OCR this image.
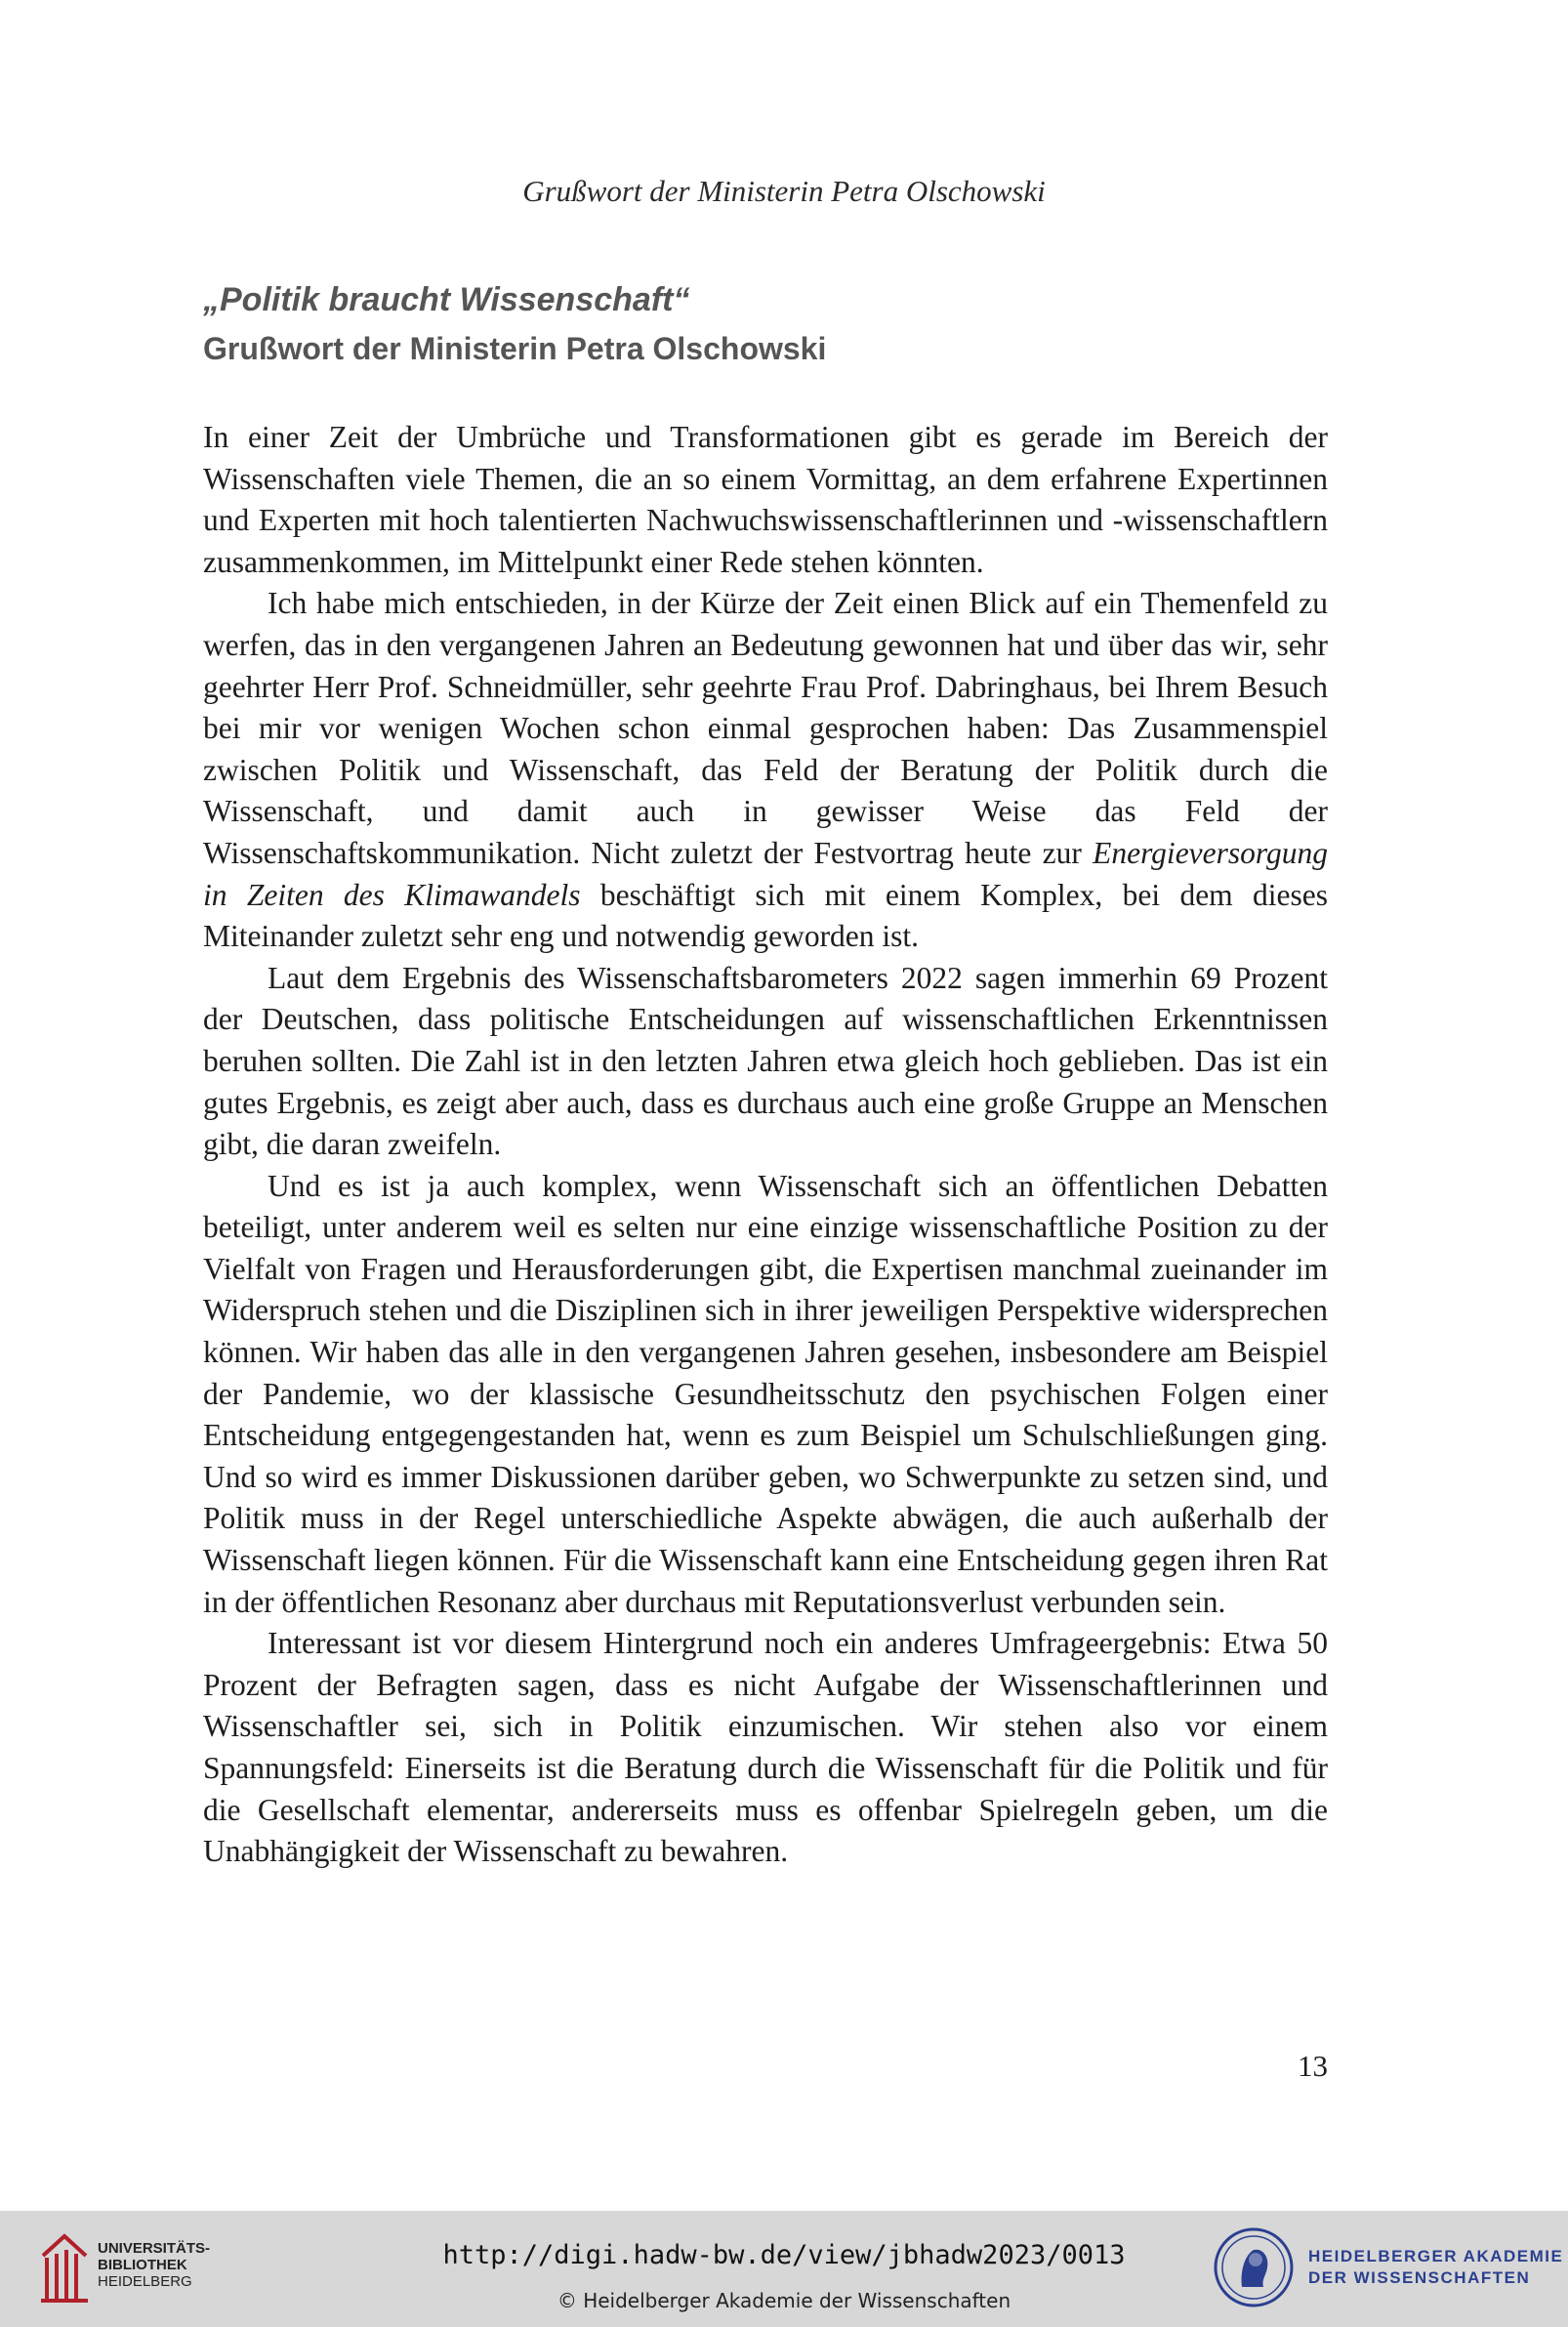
Grußwort der Ministerin Petra Olschowski

„Politik braucht Wissenschaft“

Grußwort der Ministerin Petra Olschowski

In einer Zeit der Umbrüche und Transformationen gibt es gerade im Bereich der Wissenschaften viele Themen, die an so einem Vormittag, an dem erfahrene Expertinnen und Experten mit hoch talentierten Nachwuchswissenschaftlerinnen und -wissenschaftlern zusammenkommen, im Mittelpunkt einer Rede stehen könnten.

Ich habe mich entschieden, in der Kürze der Zeit einen Blick auf ein Themenfeld zu werfen, das in den vergangenen Jahren an Bedeutung gewonnen hat und über das wir, sehr geehrter Herr Prof. Schneidmüller, sehr geehrte Frau Prof. Dabringhaus, bei Ihrem Besuch bei mir vor wenigen Wochen schon einmal gesprochen haben: Das Zusammenspiel zwischen Politik und Wissenschaft, das Feld der Beratung der Politik durch die Wissenschaft, und damit auch in gewisser Weise das Feld der Wissenschaftskommunikation. Nicht zuletzt der Festvortrag heute zur Energieversorgung in Zeiten des Klimawandels beschäftigt sich mit einem Komplex, bei dem dieses Miteinander zuletzt sehr eng und notwendig geworden ist.

Laut dem Ergebnis des Wissenschaftsbarometers 2022 sagen immerhin 69 Prozent der Deutschen, dass politische Entscheidungen auf wissenschaftlichen Erkenntnissen beruhen sollten. Die Zahl ist in den letzten Jahren etwa gleich hoch geblieben. Das ist ein gutes Ergebnis, es zeigt aber auch, dass es durchaus auch eine große Gruppe an Menschen gibt, die daran zweifeln.

Und es ist ja auch komplex, wenn Wissenschaft sich an öffentlichen Debatten beteiligt, unter anderem weil es selten nur eine einzige wissenschaftliche Position zu der Vielfalt von Fragen und Herausforderungen gibt, die Expertisen manchmal zueinander im Widerspruch stehen und die Disziplinen sich in ihrer jeweiligen Perspektive widersprechen können. Wir haben das alle in den vergangenen Jahren gesehen, insbesondere am Beispiel der Pandemie, wo der klassische Gesundheitsschutz den psychischen Folgen einer Entscheidung entgegengestanden hat, wenn es zum Beispiel um Schulschließungen ging. Und so wird es immer Diskussionen darüber geben, wo Schwerpunkte zu setzen sind, und Politik muss in der Regel unterschiedliche Aspekte abwägen, die auch außerhalb der Wissenschaft liegen können. Für die Wissenschaft kann eine Entscheidung gegen ihren Rat in der öffentlichen Resonanz aber durchaus mit Reputationsverlust verbunden sein.

Interessant ist vor diesem Hintergrund noch ein anderes Umfrageergebnis: Etwa 50 Prozent der Befragten sagen, dass es nicht Aufgabe der Wissenschaftlerinnen und Wissenschaftler sei, sich in Politik einzumischen. Wir stehen also vor einem Spannungsfeld: Einerseits ist die Beratung durch die Wissenschaft für die Politik und für die Gesellschaft elementar, andererseits muss es offenbar Spielregeln geben, um die Unabhängigkeit der Wissenschaft zu bewahren.

13
UNIVERSITÄTS-
BIBLIOTHEK
HEIDELBERG
http://digi.hadw-bw.de/view/jbhadw2023/0013
© Heidelberger Akademie der Wissenschaften
HEIDELBERGER AKADEMIE
DER WISSENSCHAFTEN
